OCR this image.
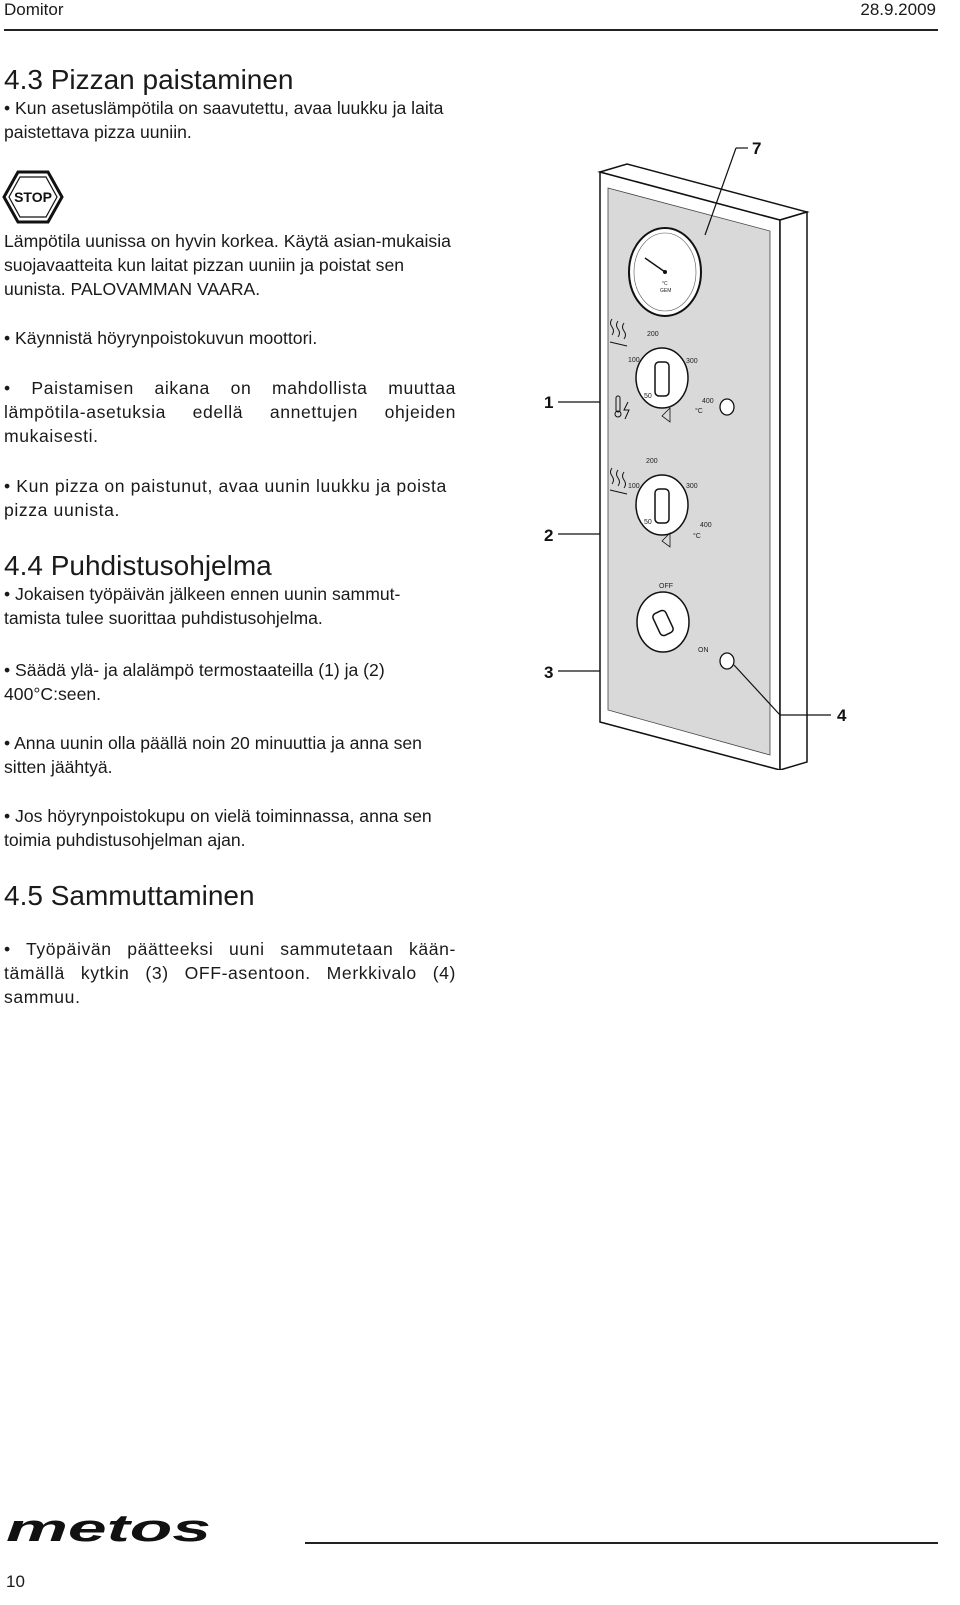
Domitor	28.9.2009
4.3 Pizzan paistaminen

• Kun asetuslämpötila on saavutettu, avaa luukku ja laita paistettava pizza uuniin.

STOP

Lämpötila uunissa on hyvin korkea. Käytä asian-mukaisia suojavaatteita kun laitat pizzan uuniin ja poistat sen uunista. PALOVAMMAN VAARA.

• Käynnistä höyrynpoistokuvun moottori.

• Paistamisen aikana on mahdollista muuttaa lämpötila-asetuksia edellä annettujen ohjeiden mukaisesti.

• Kun pizza on paistunut, avaa uunin luukku ja poista pizza uunista.

4.4 Puhdistusohjelma

• Jokaisen työpäivän jälkeen ennen uunin sammut-tamista tulee suorittaa puhdistusohjelma.

• Säädä ylä- ja alalämpö termostaateilla (1) ja (2) 400°C:seen.

• Anna uunin olla päällä noin 20 minuuttia ja anna sen sitten jäähtyä.

• Jos höyrynpoistokupu on vielä toiminnassa, anna sen toimia puhdistusohjelman ajan.

4.5 Sammuttaminen

• Työpäivän päätteeksi uuni sammutetaan kään-tämällä kytkin (3) OFF-asentoon. Merkkivalo (4) sammuu.

°C
GEM
200
300
100
50
400
°C
200
300
100
50	400
°C
OFF
ON
7
1
2
3
4
metos
10
